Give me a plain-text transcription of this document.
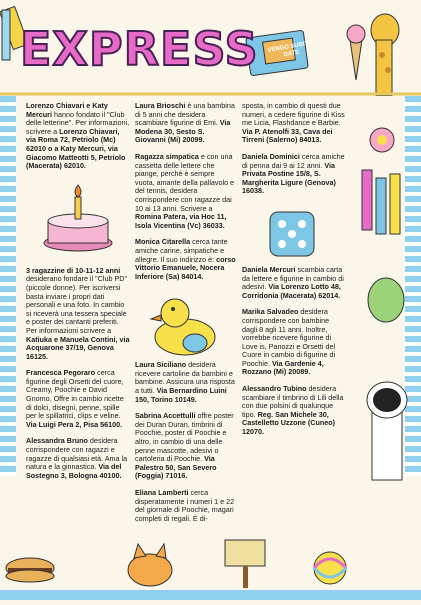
EXPRESS VENGO SUBITO DATE

Lorenzo Chiavari e Katy Mercuri hanno fondato il "Club delle letterine". Per informazioni, scrivere a Lorenzo Chiavari, via Roma 72, Petriolo (Mc) 62010 o a Katy Mercuri, via Giacomo Matteotti 5, Petriolo (Macerata) 62010.

3 ragazzine di 10-11-12 anni desiderano fondare il "Club PD" (piccole donne). Per iscriversi basta inviare i propri dati personali e una foto. In cambio si riceverà una tessera speciale e poster dei cantanti preferiti. Per informazioni scrivere a Katiuka e Manuela Contini, via Acquarone 37/19, Genova 16125.

Francesca Pegoraro cerca figurine degli Orsetti del cuore, Creamy, Poochie e David Gnomo. Offre in cambio ricette di dolci, disegni, penne, spille per le spillatrici, clips e veline. Via Luigi Pera 2, Pisa 56100.

Alessandra Bruno desidera corrispondere con ragazzi e ragazze di qualsiasi età. Ama la natura e la ginnastica. Via del Sostegno 3, Bologna 40100.

Laura Brioschi è una bambina di 5 anni che desidera scambiare figurine di Emi. Via Modena 30, Sesto S. Giovanni (Mi) 20099.

Ragazza simpatica e con una cassetta delle lettere che piange, perché è sempre vuota, amante della pallavolo e del tennis, desidera corrispondere con ragazze dai 10 ai 13 anni. Scrivere a Romina Patera, via Hoc 11, Isola Vicentina (Vc) 36033.

Monica Citarella cerca tante amiche carine, simpatiche e allegre. Il suo indirizzo è: corso Vittorio Emanuele, Nocera Inferiore (Sa) 84014.

Laura Siciliano desidera ricevere cartoline da bambini e bambine. Assicura una risposta a tutti. Via Bernardino Luini 150, Torino 10149.

Sabrina Accettulli offre poster dei Duran Duran, timbrini di Poochie, poster di Poochie e altro, in cambio di una delle penne mascotte, adesivi o cartoleria di Poochie. Via Palestro 50, San Severo (Foggia) 71016.

Eliana Lamberti cerca disperatamente i numeri 1 e 22 del giornale di Poochie, magari completi di regali. È di-

sposta, in cambio di questi due numeri, a cedere figurine di Kiss me Licia, Flashdance e Barbie. Via P. Atenolfi 33, Cava dei Tirreni (Salerno) 84013.

Daniela Dominici cerca amiche di penna dai 9 ai 12 anni. Via Privata Postine 15/8, S. Margherita Ligure (Genova) 16038.

Daniela Mercuri scambia carta da lettere e figurine in cambio di adesivi. Via Lorenzo Lotto 48, Corridonia (Macerata) 62014.

Marika Salvadeo desidera corrispondere con bambine dagli 8 agli 11 anni. Inoltre, vorrebbe ricevere figurine di Love is, Panozzi e Orsetti del Cuore in cambio di figurine di Poochie. Via Gardenie 4, Rozzano (Mi) 20089.

Alessandro Tubino desidera scambiare il timbrino di Lili della con due polsini di qualunque tipo. Reg. San Michele 30, Castelletto Uzzone (Cuneo) 12070.
